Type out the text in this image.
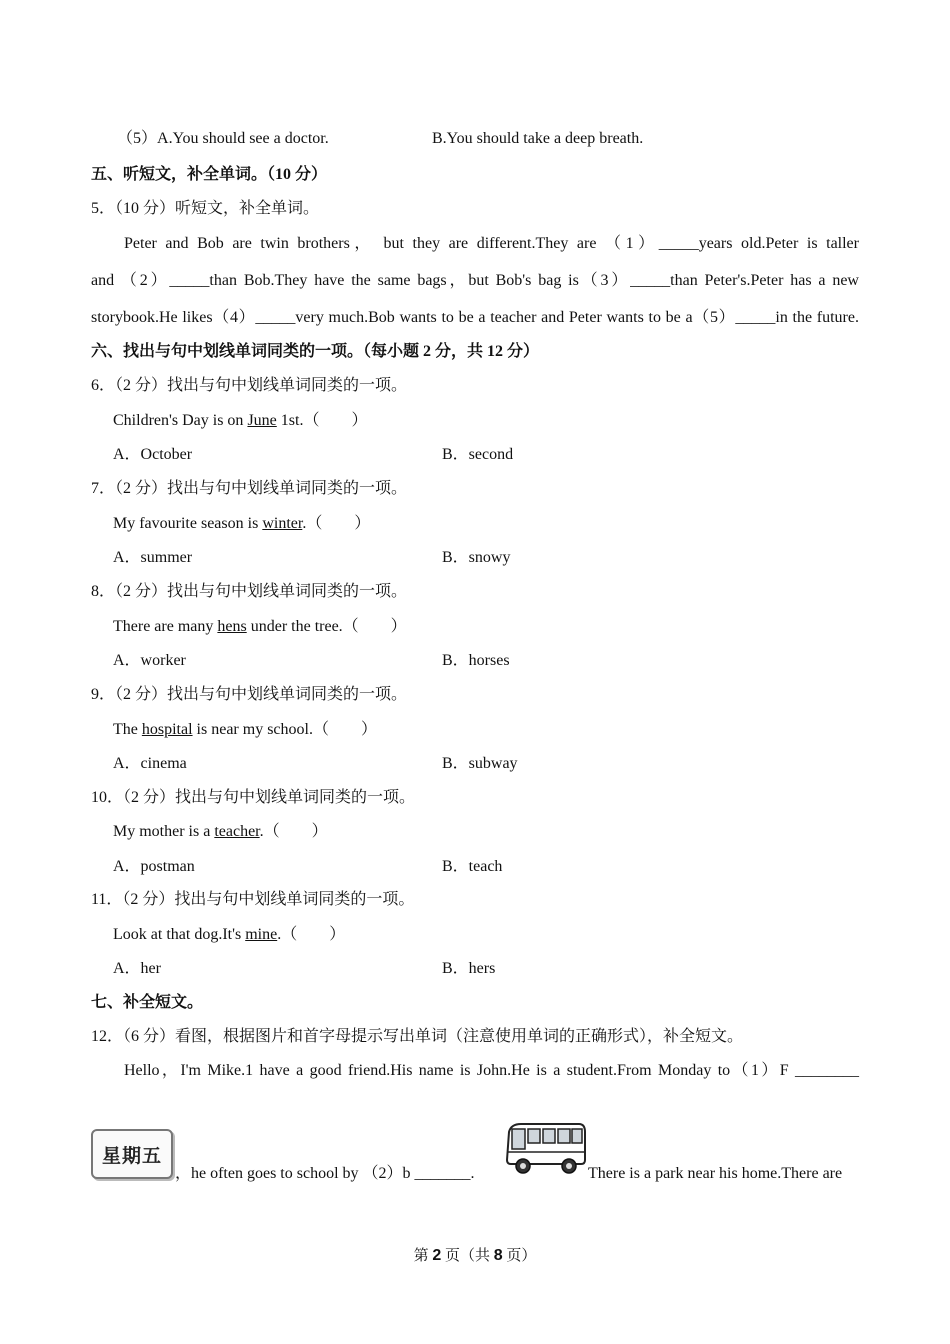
（5）A.You should see a doctor.	B.You should take a deep breath.
五、听短文，补全单词。（10 分）
5．（10 分）听短文，补全单词。
Peter and Bob are twin brothers， but they are different.They are （1）_____years old.Peter is taller
and （2）_____than Bob.They have the same bags，but Bob's bag is（3）_____than Peter's.Peter has a new
storybook.He likes（4）_____very much.Bob wants to be a teacher and Peter wants to be a（5）_____in the future.
六、找出与句中划线单词同类的一项。（每小题 2 分，共 12 分）
6．（2 分）找出与句中划线单词同类的一项。
Children's Day is on June 1st.（　　）
A．October	B．second
7．（2 分）找出与句中划线单词同类的一项。
My favourite season is winter.（　　）
A．summer	B．snowy
8．（2 分）找出与句中划线单词同类的一项。
There are many hens under the tree.（　　）
A．worker	B．horses
9．（2 分）找出与句中划线单词同类的一项。
The hospital is near my school.（　　）
A．cinema	B．subway
10．（2 分）找出与句中划线单词同类的一项。
My mother is a teacher.（　　）
A．postman	B．teach
11．（2 分）找出与句中划线单词同类的一项。
Look at that dog.It's mine.（　　）
A．her	B．hers
七、补全短文。
12．（6 分）看图，根据图片和首字母提示写出单词（注意使用单词的正确形式），补全短文。
Hello，I'm Mike.1 have a good friend.His name is John.He is a student.From Monday to（1）F ________
星期五
，he often goes to school by （2）b _______.	There is a park near his home.There are
第 2 页（共 8 页）
